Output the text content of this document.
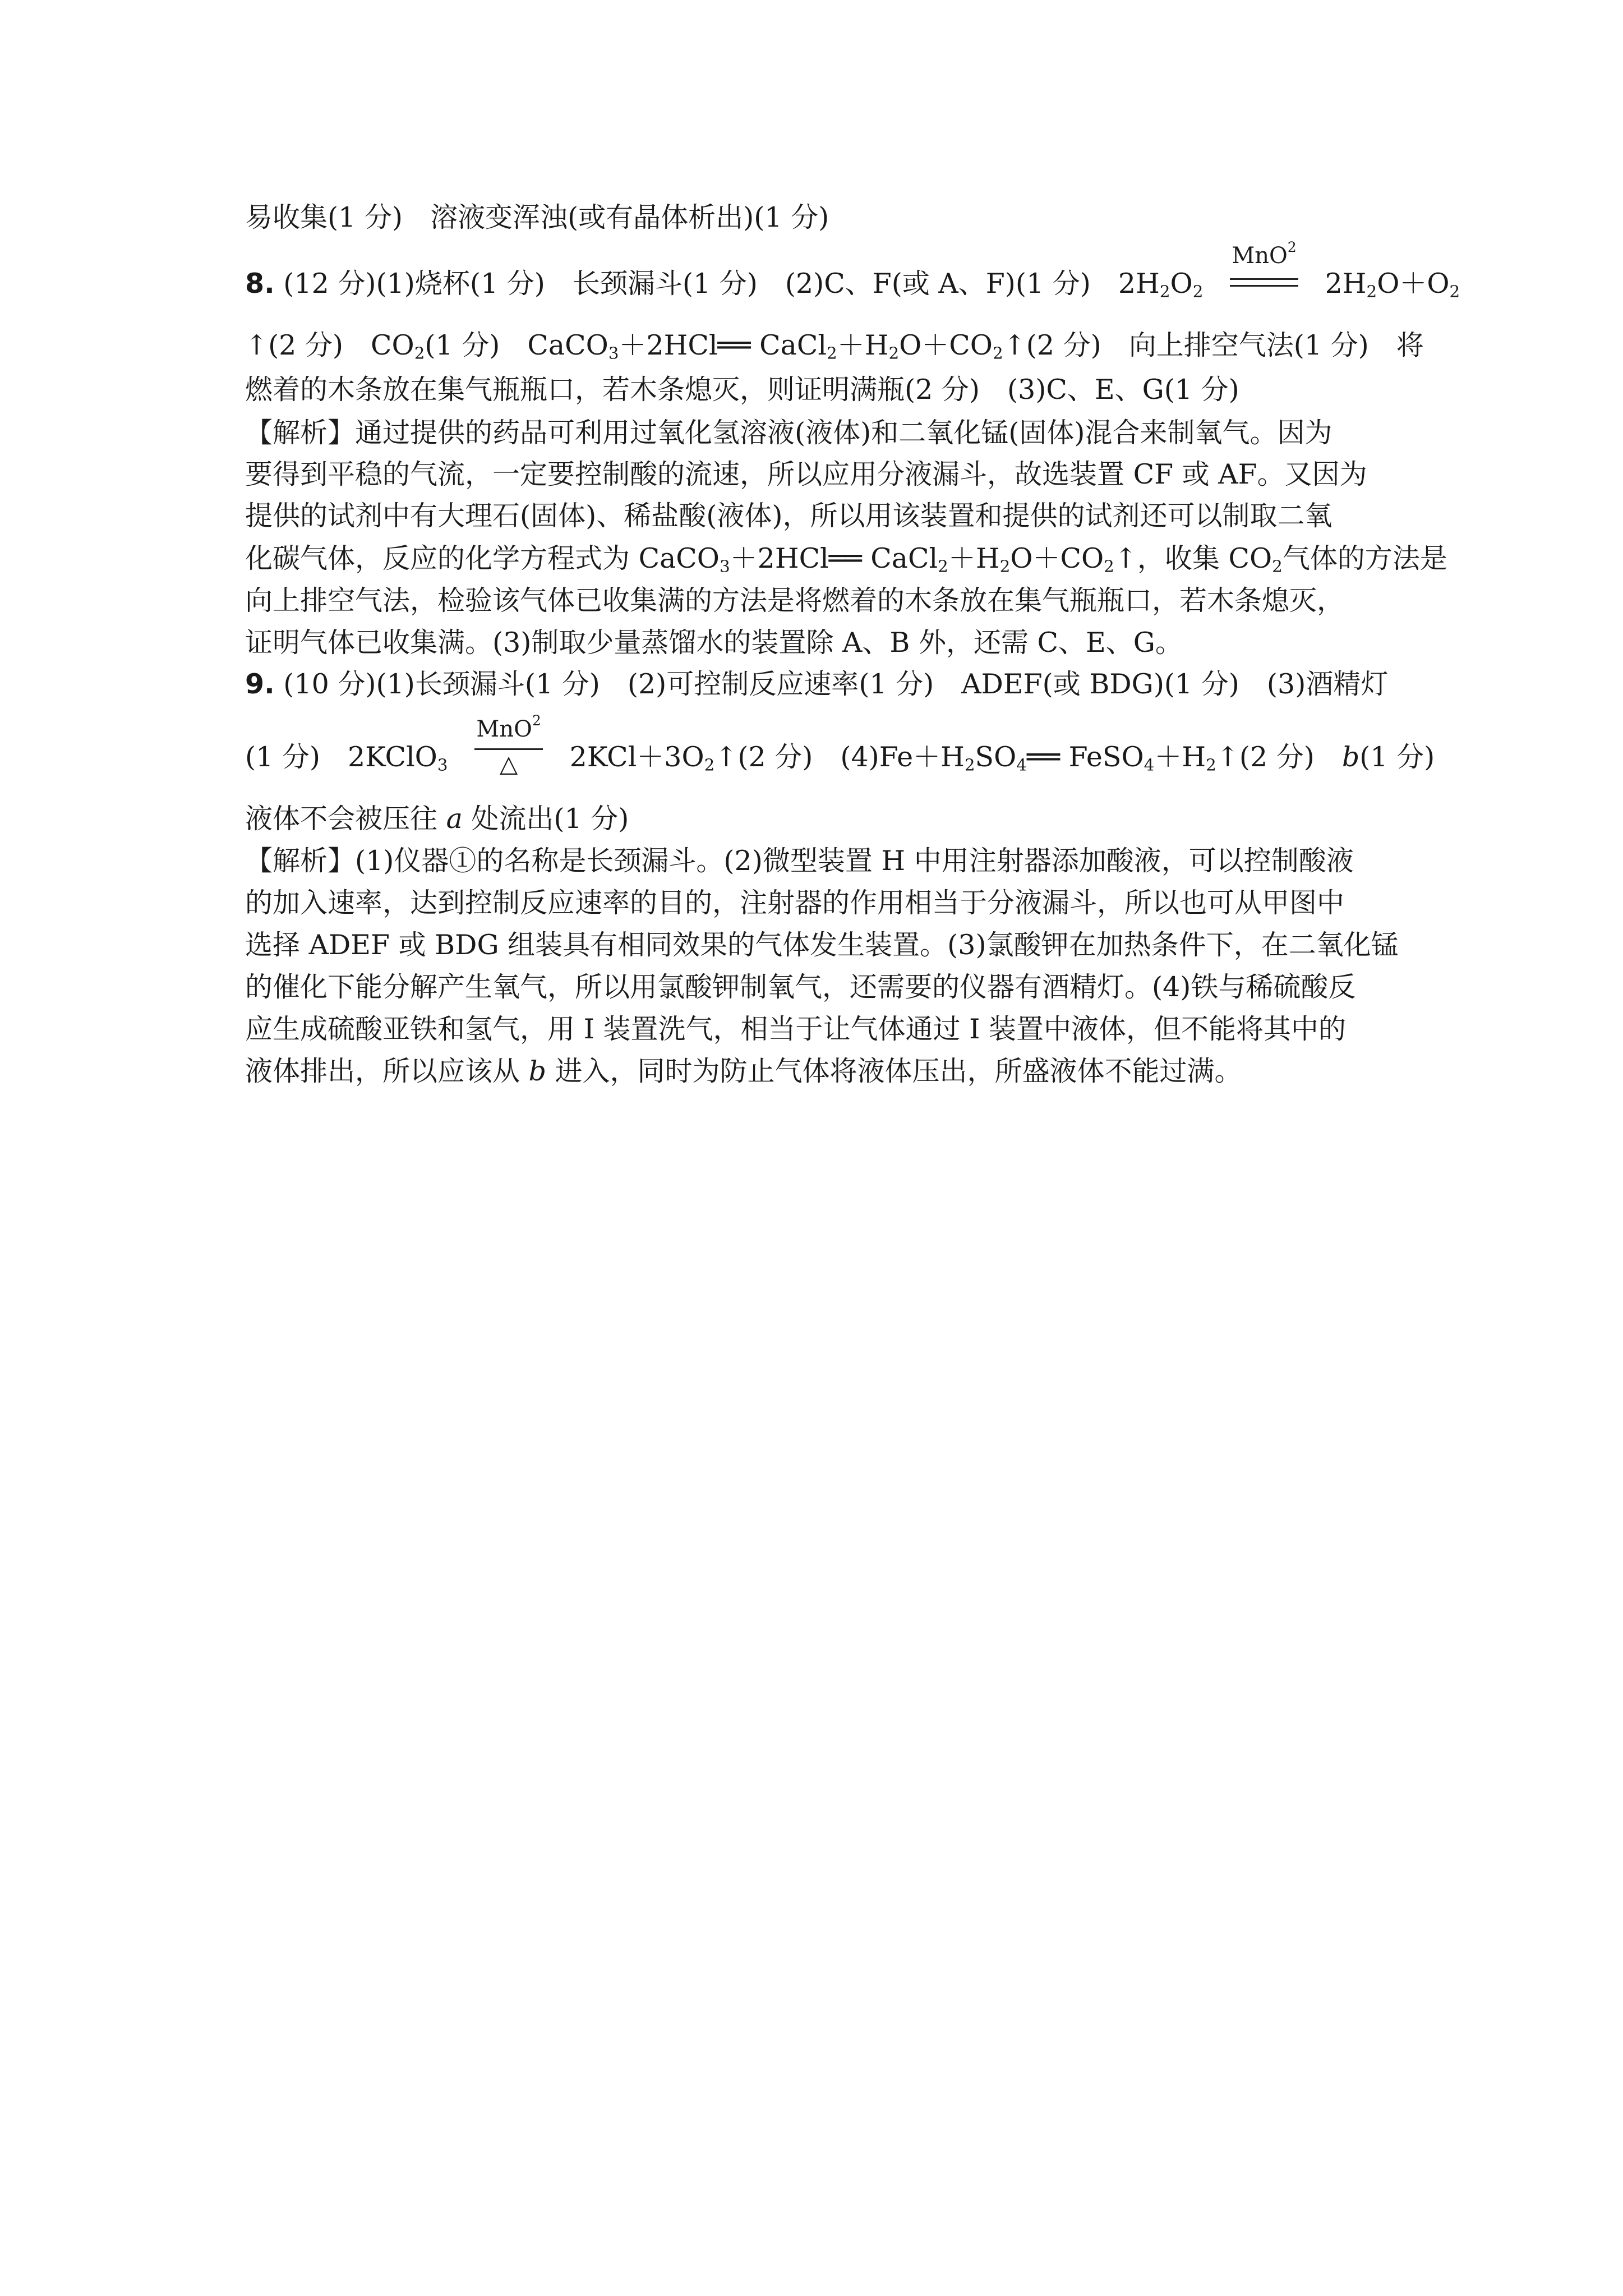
易收集(1 分)　溶液变浑浊(或有晶体析出)(1 分)
8. (12 分)(1)烧杯(1 分)　长颈漏斗(1 分)　(2)C、F(或 A、F)(1 分)　$2H_2O_2$
MnO$^2$
$2H_2O+O_2$
↑(2 分)　$CO_2(1$ 分)　CaCO$_3$＋2HCl══ $CaCl_2+H_2O+CO_2↑(2$ 分)　向上排空气法(1 分)　将
燃着的木条放在集气瓶瓶口，若木条熄灭，则证明满瓶(2 分)　(3)C、E、G(1 分)
【解析】通过提供的药品可利用过氧化氢溶液(液体)和二氧化锰(固体)混合来制氧气。因为
要得到平稳的气流，一定要控制酸的流速，所以应用分液漏斗，故选装置 CF 或 AF。又因为
提供的试剂中有大理石(固体)、稀盐酸(液体)，所以用该装置和提供的试剂还可以制取二氧
化碳气体，反应的化学方程式为 CaCO$_3$＋2HCl══ $CaCl_2+H_2O+CO_2↑$，收集 $CO_2$气体的方法是
向上排空气法，检验该气体已收集满的方法是将燃着的木条放在集气瓶瓶口，若木条熄灭，
证明气体已收集满。(3)制取少量蒸馏水的装置除 A、B 外，还需 C、E、G。
9. (10 分)(1)长颈漏斗(1 分)　(2)可控制反应速率(1 分)　ADEF(或 BDG)(1 分)　(3)酒精灯
(1 分)　2KClO$_3$
MnO$^2$
△	$2KCl+3O_2↑(2$ 分)　$(4)Fe+H_2SO_4══$ $FeSO_4+H_2↑(2$ 分)　b(1 分)
液体不会被压往 a 处流出(1 分)
【解析】(1)仪器①的名称是长颈漏斗。(2)微型装置 H 中用注射器添加酸液，可以控制酸液
的加入速率，达到控制反应速率的目的，注射器的作用相当于分液漏斗，所以也可从甲图中
选择 ADEF 或 BDG 组装具有相同效果的气体发生装置。(3)氯酸钾在加热条件下，在二氧化锰
的催化下能分解产生氧气，所以用氯酸钾制氧气，还需要的仪器有酒精灯。(4)铁与稀硫酸反
应生成硫酸亚铁和氢气，用 I 装置洗气，相当于让气体通过 I 装置中液体，但不能将其中的
液体排出，所以应该从 b 进入，同时为防止气体将液体压出，所盛液体不能过满。
